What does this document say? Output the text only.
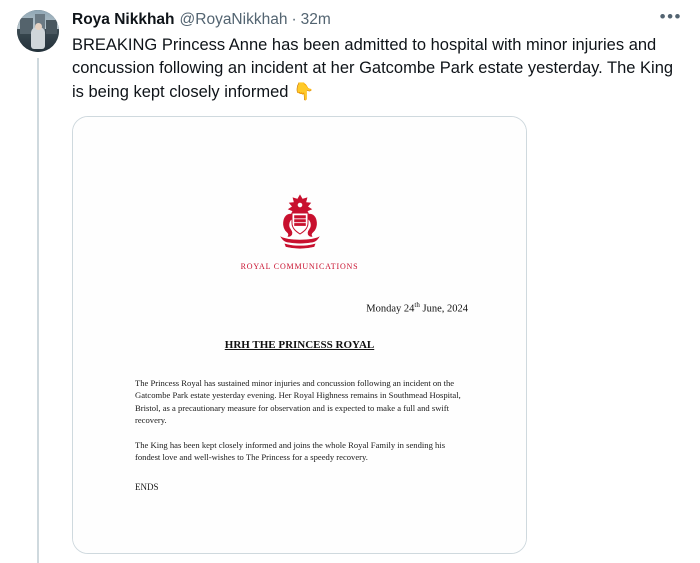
Roya Nikkhah @RoyaNikkhah · 32m	•••
BREAKING Princess Anne has been admitted to hospital with minor injuries and concussion following an incident at her Gatcombe Park estate yesterday. The King is being kept closely informed 👇
ROYAL COMMUNICATIONS
Monday 24th June, 2024
HRH THE PRINCESS ROYAL

The Princess Royal has sustained minor injuries and concussion following an incident on the Gatcombe Park estate yesterday evening. Her Royal Highness remains in Southmead Hospital, Bristol, as a precautionary measure for observation and is expected to make a full and swift recovery.

The King has been kept closely informed and joins the whole Royal Family in sending his fondest love and well-wishes to The Princess for a speedy recovery.

ENDS
